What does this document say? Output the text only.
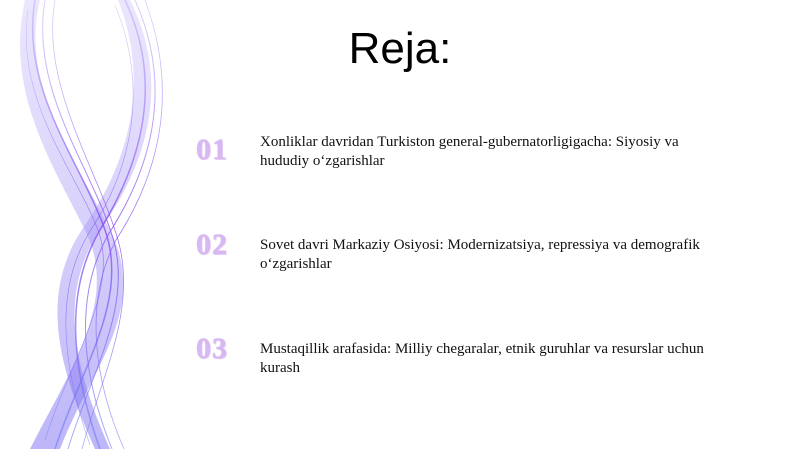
Reja:
01	Xonliklar davridan Turkiston general-gubernatorligigacha: Siyosiy va hududiy o‘zgarishlar
02	Sovet davri Markaziy Osiyosi: Modernizatsiya, repressiya va demografik o‘zgarishlar
03	Mustaqillik arafasida: Milliy chegaralar, etnik guruhlar va resurslar uchun kurash
